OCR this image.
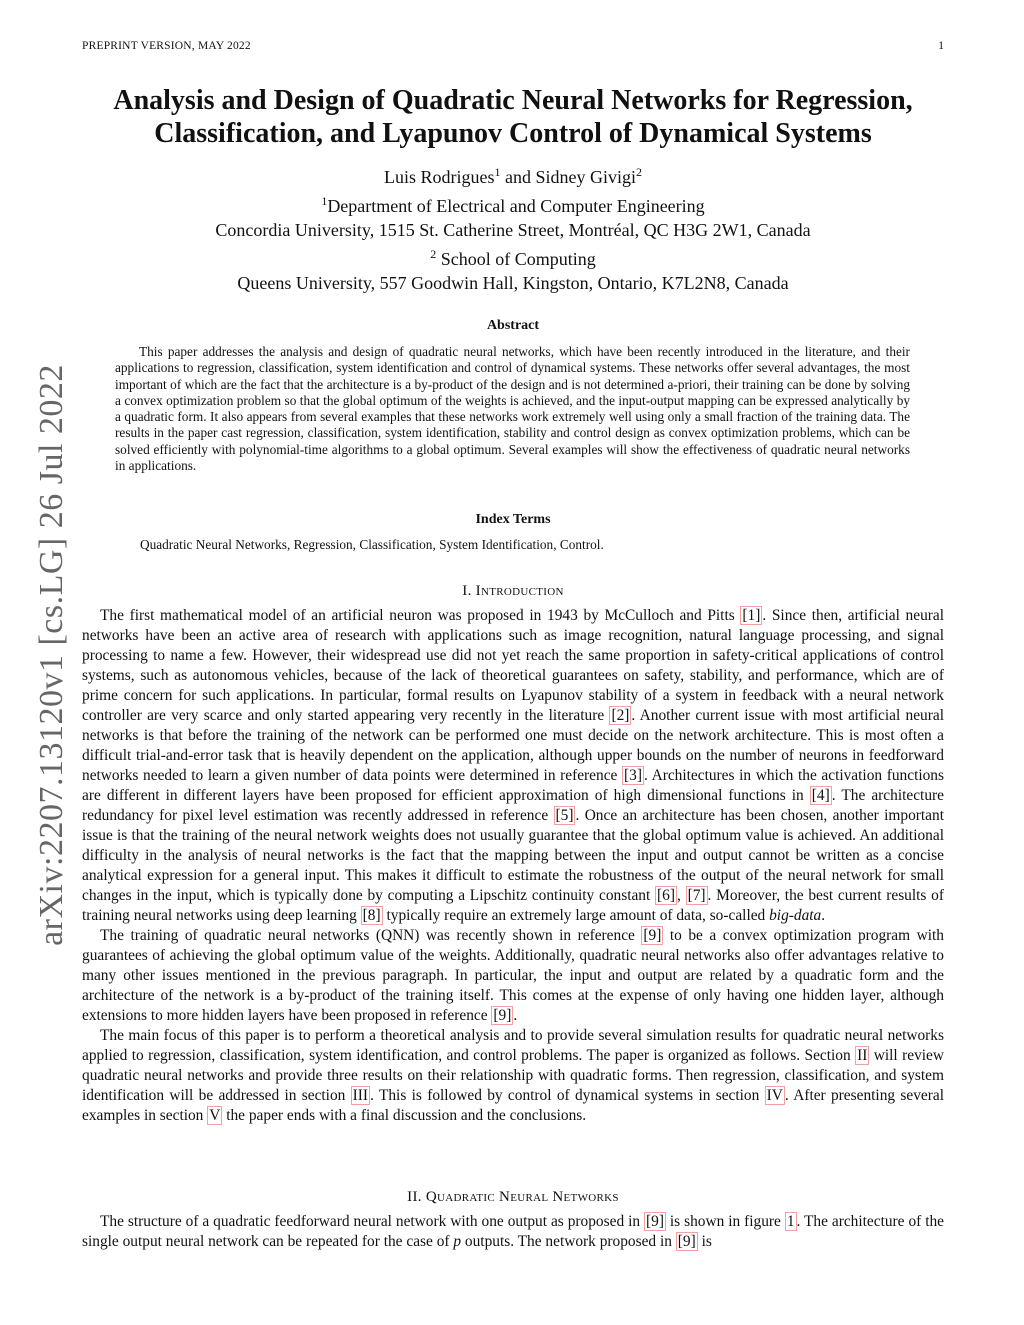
PREPRINT VERSION, MAY 2022	1
arXiv:2207.13120v1 [cs.LG] 26 Jul 2022
Analysis and Design of Quadratic Neural Networks for Regression,
Classification, and Lyapunov Control of Dynamical Systems
Luis Rodrigues$^1$ and Sidney Givigi$^2$
$^1$Department of Electrical and Computer Engineering
Concordia University, 1515 St. Catherine Street, Montréal, QC H3G 2W1, Canada
$^2$ School of Computing
Queens University, 557 Goodwin Hall, Kingston, Ontario, K7L2N8, Canada
Abstract
This paper addresses the analysis and design of quadratic neural networks, which have been recently introduced in the literature, and their applications to regression, classification, system identification and control of dynamical systems. These networks offer several advantages, the most important of which are the fact that the architecture is a by-product of the design and is not determined a-priori, their training can be done by solving a convex optimization problem so that the global optimum of the weights is achieved, and the input-output mapping can be expressed analytically by a quadratic form. It also appears from several examples that these networks work extremely well using only a small fraction of the training data. The results in the paper cast regression, classification, system identification, stability and control design as convex optimization problems, which can be solved efficiently with polynomial-time algorithms to a global optimum. Several examples will show the effectiveness of quadratic neural networks in applications.
Index Terms
Quadratic Neural Networks, Regression, Classification, System Identification, Control.
I. Introduction

The first mathematical model of an artificial neuron was proposed in 1943 by McCulloch and Pitts [1] . Since then, artificial neural networks have been an active area of research with applications such as image recognition, natural language processing, and signal processing to name a few. However, their widespread use did not yet reach the same proportion in safety-critical applications of control systems, such as autonomous vehicles, because of the lack of theoretical guarantees on safety, stability, and performance, which are of prime concern for such applications. In particular, formal results on Lyapunov stability of a system in feedback with a neural network controller are very scarce and only started appearing very recently in the literature [2] . Another current issue with most artificial neural networks is that before the training of the network can be performed one must decide on the network architecture. This is most often a difficult trial-and-error task that is heavily dependent on the application, although upper bounds on the number of neurons in feedforward networks needed to learn a given number of data points were determined in reference [3] . Architectures in which the activation functions are different in different layers have been proposed for efficient approximation of high dimensional functions in [4] . The architecture redundancy for pixel level estimation was recently addressed in reference [5] . Once an architecture has been chosen, another important issue is that the training of the neural network weights does not usually guarantee that the global optimum value is achieved. An additional difficulty in the analysis of neural networks is the fact that the mapping between the input and output cannot be written as a concise analytical expression for a general input. This makes it difficult to estimate the robustness of the output of the neural network for small changes in the input, which is typically done by computing a Lipschitz continuity constant [6] , [7] . Moreover, the best current results of training neural networks using deep learning [8] typically require an extremely large amount of data, so-called big-data.

The training of quadratic neural networks (QNN) was recently shown in reference [9] to be a convex optimization program with guarantees of achieving the global optimum value of the weights. Additionally, quadratic neural networks also offer advantages relative to many other issues mentioned in the previous paragraph. In particular, the input and output are related by a quadratic form and the architecture of the network is a by-product of the training itself. This comes at the expense of only having one hidden layer, although extensions to more hidden layers have been proposed in reference [9] .

The main focus of this paper is to perform a theoretical analysis and to provide several simulation results for quadratic neural networks applied to regression, classification, system identification, and control problems. The paper is organized as follows. Section II will review quadratic neural networks and provide three results on their relationship with quadratic forms. Then regression, classification, and system identification will be addressed in section III . This is followed by control of dynamical systems in section IV . After presenting several examples in section V the paper ends with a final discussion and the conclusions.

II. Quadratic Neural Networks

The structure of a quadratic feedforward neural network with one output as proposed in [9] is shown in figure 1 . The architecture of the single output neural network can be repeated for the case of p outputs. The network proposed in [9] is
